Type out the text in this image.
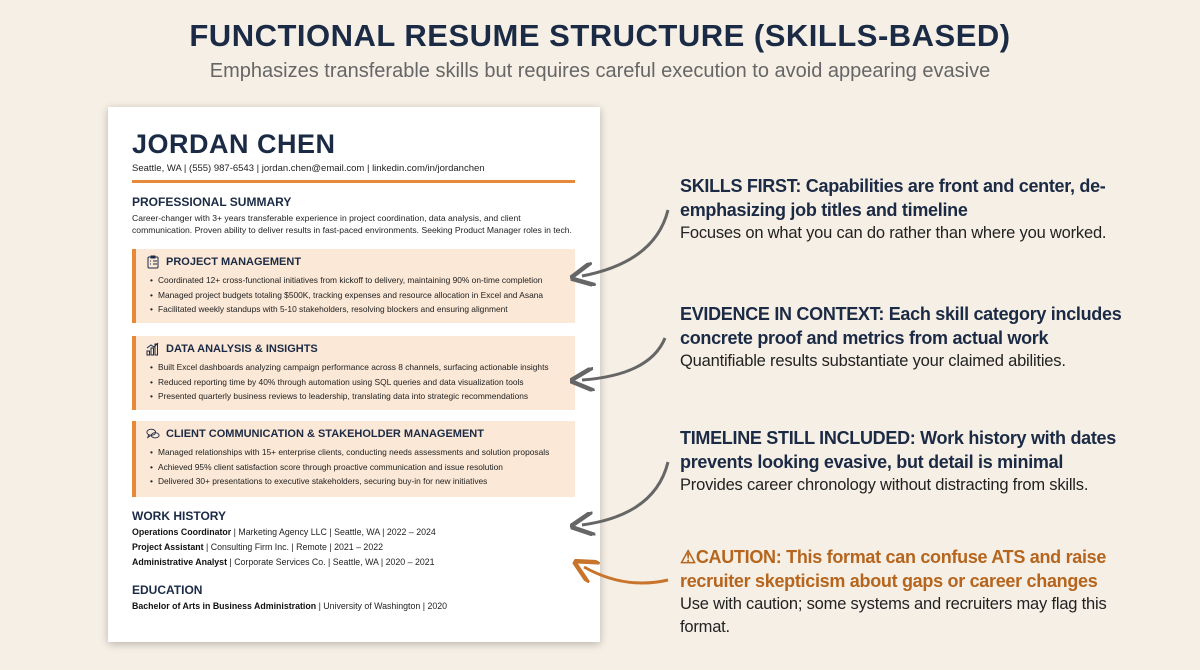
FUNCTIONAL RESUME STRUCTURE (SKILLS-BASED)
Emphasizes transferable skills but requires careful execution to avoid appearing evasive
JORDAN CHEN
Seattle, WA | (555) 987-6543 | jordan.chen@email.com | linkedin.com/in/jordanchen
PROFESSIONAL SUMMARY
Career-changer with 3+ years transferable experience in project coordination, data analysis, and client communication. Proven ability to deliver results in fast-paced environments. Seeking Product Manager roles in tech.
PROJECT MANAGEMENT
• Coordinated 12+ cross-functional initiatives from kickoff to delivery, maintaining 90% on-time completion
• Managed project budgets totaling $500K, tracking expenses and resource allocation in Excel and Asana
• Facilitated weekly standups with 5-10 stakeholders, resolving blockers and ensuring alignment
DATA ANALYSIS & INSIGHTS
• Built Excel dashboards analyzing campaign performance across 8 channels, surfacing actionable insights
• Reduced reporting time by 40% through automation using SQL queries and data visualization tools
• Presented quarterly business reviews to leadership, translating data into strategic recommendations
CLIENT COMMUNICATION & STAKEHOLDER MANAGEMENT
• Managed relationships with 15+ enterprise clients, conducting needs assessments and solution proposals
• Achieved 95% client satisfaction score through proactive communication and issue resolution
• Delivered 30+ presentations to executive stakeholders, securing buy-in for new initiatives
WORK HISTORY
Operations Coordinator | Marketing Agency LLC | Seattle, WA | 2022 – 2024
Project Assistant | Consulting Firm Inc. | Remote | 2021 – 2022
Administrative Analyst | Corporate Services Co. | Seattle, WA | 2020 – 2021
EDUCATION
Bachelor of Arts in Business Administration | University of Washington | 2020
SKILLS FIRST: Capabilities are front and center, de-emphasizing job titles and timeline

Focuses on what you can do rather than where you worked.

EVIDENCE IN CONTEXT: Each skill category includes concrete proof and metrics from actual work

Quantifiable results substantiate your claimed abilities.

TIMELINE STILL INCLUDED: Work history with dates prevents looking evasive, but detail is minimal

Provides career chronology without distracting from skills.

⚠CAUTION: This format can confuse ATS and raise recruiter skepticism about gaps or career changes

Use with caution; some systems and recruiters may flag this format.
